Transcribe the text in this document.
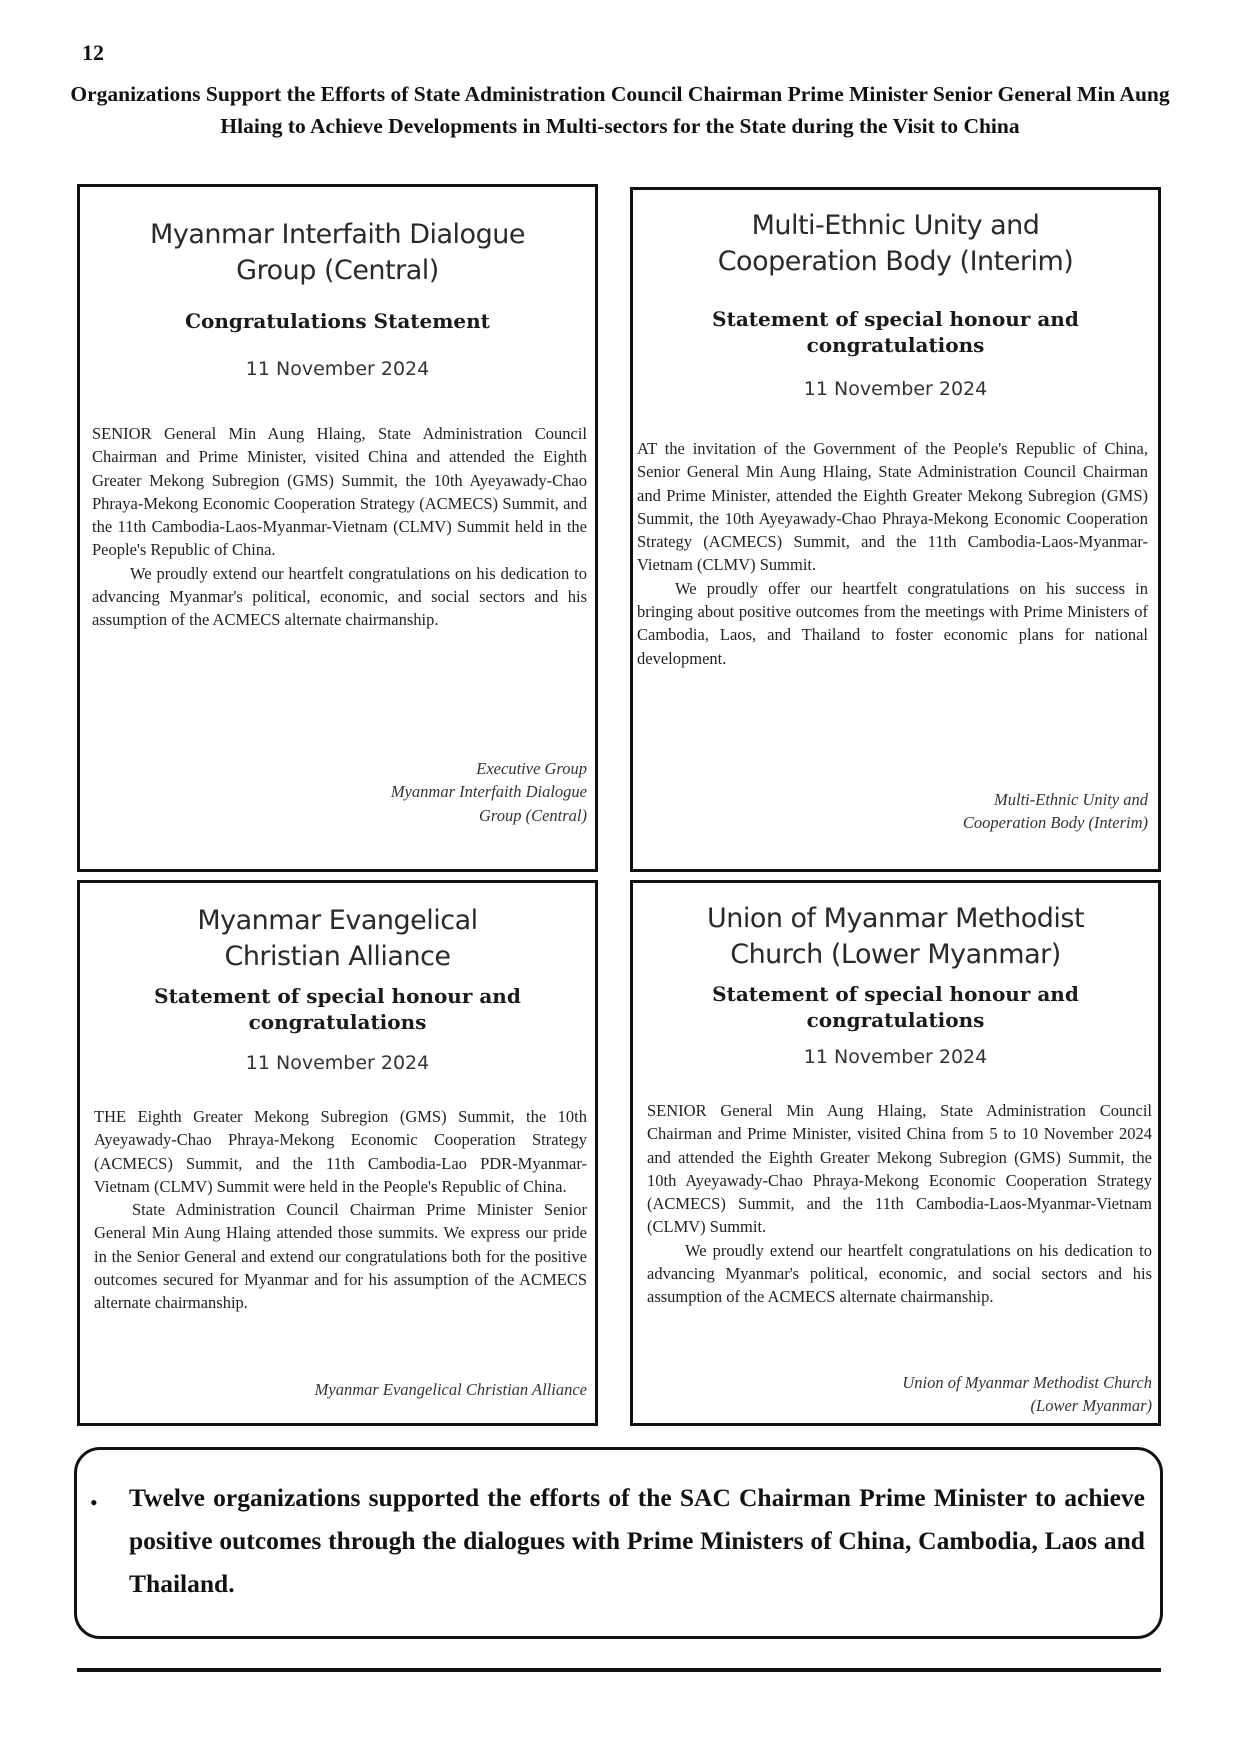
12
Organizations Support the Efforts of State Administration Council Chairman Prime Minister Senior General Min Aung Hlaing to Achieve Developments in Multi-sectors for the State during the Visit to China
Myanmar Interfaith Dialogue
Group (Central)
Congratulations Statement
11 November 2024

SENIOR General Min Aung Hlaing, State Administration Council Chairman and Prime Minister, visited China and attended the Eighth Greater Mekong Subregion (GMS) Summit, the 10th Ayeyawady-Chao Phraya-Mekong Economic Cooperation Strategy (ACMECS) Summit, and the 11th Cambodia-Laos-Myanmar-Vietnam (CLMV) Summit held in the People's Republic of China.

We proudly extend our heartfelt congratulations on his dedication to advancing Myanmar's political, economic, and social sectors and his assumption of the ACMECS alternate chairmanship.

Executive Group
Myanmar Interfaith Dialogue
Group (Central)
Multi-Ethnic Unity and
Cooperation Body (Interim)
Statement of special honour and
congratulations
11 November 2024

AT the invitation of the Government of the People's Republic of China, Senior General Min Aung Hlaing, State Administration Council Chairman and Prime Minister, attended the Eighth Greater Mekong Subregion (GMS) Summit, the 10th Ayeyawady-Chao Phraya-Mekong Economic Cooperation Strategy (ACMECS) Summit, and the 11th Cambodia-Laos-Myanmar-Vietnam (CLMV) Summit.

We proudly offer our heartfelt congratulations on his success in bringing about positive outcomes from the meetings with Prime Ministers of Cambodia, Laos, and Thailand to foster economic plans for national development.

Multi-Ethnic Unity and
Cooperation Body (Interim)
Myanmar Evangelical
Christian Alliance
Statement of special honour and
congratulations
11 November 2024

THE Eighth Greater Mekong Subregion (GMS) Summit, the 10th Ayeyawady-Chao Phraya-Mekong Economic Cooperation Strategy (ACMECS) Summit, and the 11th Cambodia-Lao PDR-Myanmar-Vietnam (CLMV) Summit were held in the People's Republic of China.

State Administration Council Chairman Prime Minister Senior General Min Aung Hlaing attended those summits. We express our pride in the Senior General and extend our congratulations both for the positive outcomes secured for Myanmar and for his assumption of the ACMECS alternate chairmanship.

Myanmar Evangelical Christian Alliance
Union of Myanmar Methodist
Church (Lower Myanmar)
Statement of special honour and
congratulations
11 November 2024

SENIOR General Min Aung Hlaing, State Administration Council Chairman and Prime Minister, visited China from 5 to 10 November 2024 and attended the Eighth Greater Mekong Subregion (GMS) Summit, the 10th Ayeyawady-Chao Phraya-Mekong Economic Cooperation Strategy (ACMECS) Summit, and the 11th Cambodia-Laos-Myanmar-Vietnam (CLMV) Summit.

We proudly extend our heartfelt congratulations on his dedication to advancing Myanmar's political, economic, and social sectors and his assumption of the ACMECS alternate chairmanship.

Union of Myanmar Methodist Church
(Lower Myanmar)
• Twelve organizations supported the efforts of the SAC Chairman Prime Minister to achieve positive outcomes through the dialogues with Prime Ministers of China, Cambodia, Laos and Thailand.
